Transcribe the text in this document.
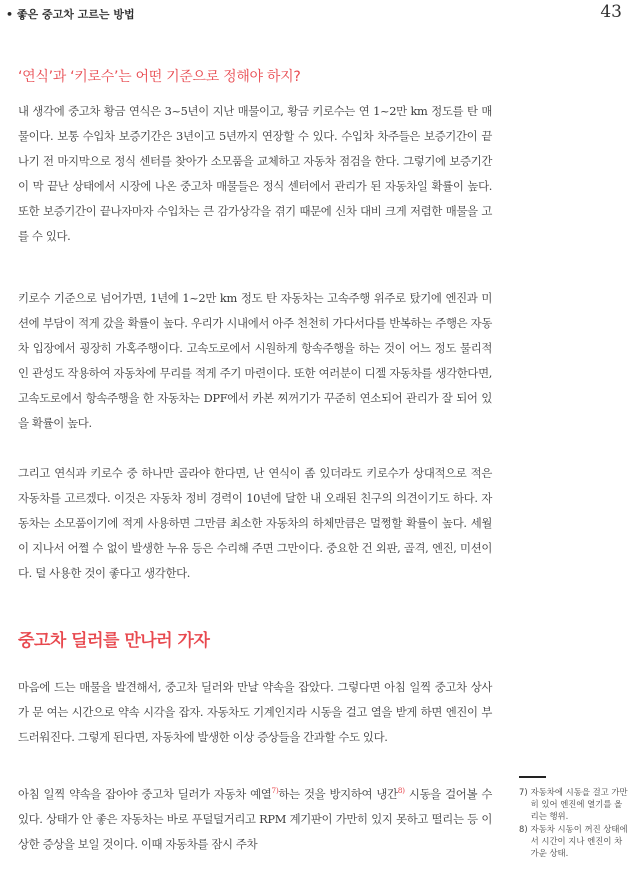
• 좋은 중고차 고르는 방법	43
‘연식’과 ‘키로수’는 어떤 기준으로 정해야 하지?

내 생각에 중고차 황금 연식은 3~5년이 지난 매물이고, 황금 키로수는 연 1~2만 km 정도를 탄 매물이다. 보통 수입차 보증기간은 3년이고 5년까지 연장할 수 있다. 수입차 차주들은 보증기간이 끝나기 전 마지막으로 정식 센터를 찾아가 소모품을 교체하고 자동차 점검을 한다. 그렇기에 보증기간이 막 끝난 상태에서 시장에 나온 중고차 매물들은 정식 센터에서 관리가 된 자동차일 확률이 높다. 또한 보증기간이 끝나자마자 수입차는 큰 감가상각을 겪기 때문에 신차 대비 크게 저렴한 매물을 고를 수 있다.

키로수 기준으로 넘어가면, 1년에 1~2만 km 정도 탄 자동차는 고속주행 위주로 탔기에 엔진과 미션에 부담이 적게 갔을 확률이 높다. 우리가 시내에서 아주 천천히 가다서다를 반복하는 주행은 자동차 입장에서 굉장히 가혹주행이다. 고속도로에서 시원하게 항속주행을 하는 것이 어느 정도 물리적인 관성도 작용하여 자동차에 무리를 적게 주기 마련이다. 또한 여러분이 디젤 자동차를 생각한다면, 고속도로에서 항속주행을 한 자동차는 DPF에서 카본 찌꺼기가 꾸준히 연소되어 관리가 잘 되어 있을 확률이 높다.

그리고 연식과 키로수 중 하나만 골라야 한다면, 난 연식이 좀 있더라도 키로수가 상대적으로 적은 자동차를 고르겠다. 이것은 자동차 정비 경력이 10년에 달한 내 오래된 친구의 의견이기도 하다. 자동차는 소모품이기에 적게 사용하면 그만큼 최소한 자동차의 하체만큼은 멀쩡할 확률이 높다. 세월이 지나서 어쩔 수 없이 발생한 누유 등은 수리해 주면 그만이다. 중요한 건 외판, 골격, 엔진, 미션이다. 덜 사용한 것이 좋다고 생각한다.

중고차 딜러를 만나러 가자

마음에 드는 매물을 발견해서, 중고차 딜러와 만날 약속을 잡았다. 그렇다면 아침 일찍 중고차 상사가 문 여는 시간으로 약속 시각을 잡자. 자동차도 기계인지라 시동을 걸고 열을 받게 하면 엔진이 부드러워진다. 그렇게 된다면, 자동차에 발생한 이상 증상들을 간과할 수도 있다.

아침 일찍 약속을 잡아야 중고차 딜러가 자동차 예열$^{7)}$하는 것을 방지하여 냉간$^{8)}$ 시동을 걸어볼 수 있다. 상태가 안 좋은 자동차는 바로 푸덜덜거리고 RPM 계기판이 가만히 있지 못하고 떨리는 등 이상한 증상을 보일 것이다. 이때 자동차를 잠시 주차

7) 자동차에 시동을 걸고 가만히 있어 엔진에 열기를 올리는 행위.
8) 자동차 시동이 꺼진 상태에서 시간이 지나 엔진이 차가운 상태.
